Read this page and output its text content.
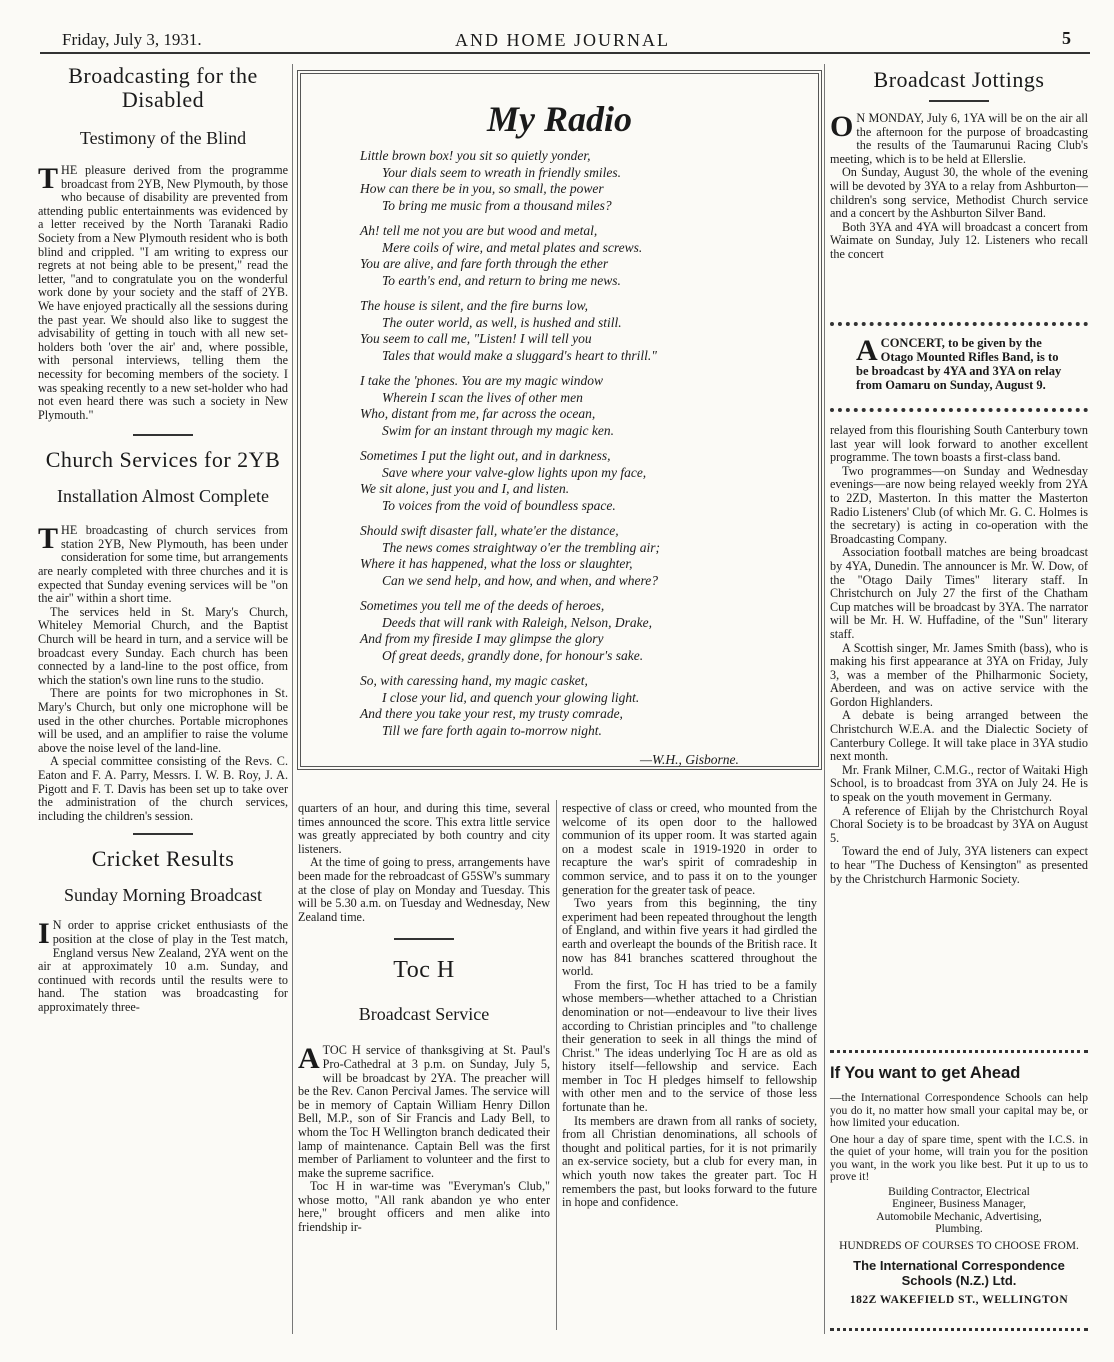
Friday, July 3, 1931.	AND HOME JOURNAL	5
Broadcasting for the Disabled
Testimony of the Blind

THE pleasure derived from the programme broadcast from 2YB, New Plymouth, by those who because of disability are prevented from attending public entertainments was evidenced by a letter received by the North Taranaki Radio Society from a New Plymouth resident who is both blind and crippled. "I am writing to express our regrets at not being able to be present," read the letter, "and to congratulate you on the wonderful work done by your society and the staff of 2YB. We have enjoyed practically all the sessions during the past year. We should also like to suggest the advisability of getting in touch with all new set-holders both 'over the air' and, where possible, with personal interviews, telling them the necessity for becoming members of the society. I was speaking recently to a new set-holder who had not even heard there was such a society in New Plymouth."

Church Services for 2YB
Installation Almost Complete

THE broadcasting of church services from station 2YB, New Plymouth, has been under consideration for some time, but arrangements are nearly completed with three churches and it is expected that Sunday evening services will be "on the air" within a short time.

The services held in St. Mary's Church, Whiteley Memorial Church, and the Baptist Church will be heard in turn, and a service will be broadcast every Sunday. Each church has been connected by a land-line to the post office, from which the station's own line runs to the studio.

There are points for two microphones in St. Mary's Church, but only one microphone will be used in the other churches. Portable microphones will be used, and an amplifier to raise the volume above the noise level of the land-line.

A special committee consisting of the Revs. C. Eaton and F. A. Parry, Messrs. I. W. B. Roy, J. A. Pigott and F. T. Davis has been set up to take over the administration of the church services, including the children's session.

Cricket Results
Sunday Morning Broadcast

I N order to apprise cricket enthusiasts of the position at the close of play in the Test match, England versus New Zealand, 2YA went on the air at approximately 10 a.m. Sunday, and continued with records until the results were to hand. The station was broadcasting for approximately three-

My Radio
Little brown box! you sit so quietly yonder,
Your dials seem to wreath in friendly smiles.
How can there be in you, so small, the power
To bring me music from a thousand miles?
Ah! tell me not you are but wood and metal,
Mere coils of wire, and metal plates and screws.
You are alive, and fare forth through the ether
To earth's end, and return to bring me news.
The house is silent, and the fire burns low,
The outer world, as well, is hushed and still.
You seem to call me, "Listen! I will tell you
Tales that would make a sluggard's heart to thrill."
I take the 'phones. You are my magic window
Wherein I scan the lives of other men
Who, distant from me, far across the ocean,
Swim for an instant through my magic ken.
Sometimes I put the light out, and in darkness,
Save where your valve-glow lights upon my face,
We sit alone, just you and I, and listen.
To voices from the void of boundless space.
Should swift disaster fall, whate'er the distance,
The news comes straightway o'er the trembling air;
Where it has happened, what the loss or slaughter,
Can we send help, and how, and when, and where?
Sometimes you tell me of the deeds of heroes,
Deeds that will rank with Raleigh, Nelson, Drake,
And from my fireside I may glimpse the glory
Of great deeds, grandly done, for honour's sake.
So, with caressing hand, my magic casket,
I close your lid, and quench your glowing light.
And there you take your rest, my trusty comrade,
Till we fare forth again to-morrow night.
—W.H., Gisborne.

quarters of an hour, and during this time, several times announced the score. This extra little service was greatly appreciated by both country and city listeners.

At the time of going to press, arrangements have been made for the rebroadcast of G5SW's summary at the close of play on Monday and Tuesday. This will be 5.30 a.m. on Tuesday and Wednesday, New Zealand time.

Toc H
Broadcast Service

ATOC H service of thanksgiving at St. Paul's Pro-Cathedral at 3 p.m. on Sunday, July 5, will be broadcast by 2YA. The preacher will be the Rev. Canon Percival James. The service will be in memory of Captain William Henry Dillon Bell, M.P., son of Sir Francis and Lady Bell, to whom the Toc H Wellington branch dedicated their lamp of maintenance. Captain Bell was the first member of Parliament to volunteer and the first to make the supreme sacrifice.

Toc H in war-time was "Everyman's Club," whose motto, "All rank abandon ye who enter here," brought officers and men alike into friendship ir-

respective of class or creed, who mounted from the welcome of its open door to the hallowed communion of its upper room. It was started again on a modest scale in 1919-1920 in order to recapture the war's spirit of comradeship in common service, and to pass it on to the younger generation for the greater task of peace.

Two years from this beginning, the tiny experiment had been repeated throughout the length of England, and within five years it had girdled the earth and overleapt the bounds of the British race. It now has 841 branches scattered throughout the world.

From the first, Toc H has tried to be a family whose members—whether attached to a Christian denomination or not—endeavour to live their lives according to Christian principles and "to challenge their generation to seek in all things the mind of Christ." The ideas underlying Toc H are as old as history itself—fellowship and service. Each member in Toc H pledges himself to fellowship with other men and to the service of those less fortunate than he.

Its members are drawn from all ranks of society, from all Christian denominations, all schools of thought and political parties, for it is not primarily an ex-service society, but a club for every man, in which youth now takes the greater part. Toc H remembers the past, but looks forward to the future in hope and confidence.

Broadcast Jottings

O N MONDAY, July 6, 1YA will be on the air all the afternoon for the purpose of broadcasting the results of the Taumarunui Racing Club's meeting, which is to be held at Ellerslie.

On Sunday, August 30, the whole of the evening will be devoted by 3YA to a relay from Ashburton—children's song service, Methodist Church service and a concert by the Ashburton Silver Band.

Both 3YA and 4YA will broadcast a concert from Waimate on Sunday, July 12. Listeners who recall the concert

ACONCERT, to be given by the Otago Mounted Rifles Band, is to be broadcast by 4YA and 3YA on relay from Oamaru on Sunday, August 9.

relayed from this flourishing South Canterbury town last year will look forward to another excellent programme. The town boasts a first-class band.

Two programmes—on Sunday and Wednesday evenings—are now being relayed weekly from 2YA to 2ZD, Masterton. In this matter the Masterton Radio Listeners' Club (of which Mr. G. C. Holmes is the secretary) is acting in co-operation with the Broadcasting Company.

Association football matches are being broadcast by 4YA, Dunedin. The announcer is Mr. W. Dow, of the "Otago Daily Times" literary staff. In Christchurch on July 27 the first of the Chatham Cup matches will be broadcast by 3YA. The narrator will be Mr. H. W. Huffadine, of the "Sun" literary staff.

A Scottish singer, Mr. James Smith (bass), who is making his first appearance at 3YA on Friday, July 3, was a member of the Philharmonic Society, Aberdeen, and was on active service with the Gordon Highlanders.

A debate is being arranged between the Christchurch W.E.A. and the Dialectic Society of Canterbury College. It will take place in 3YA studio next month.

Mr. Frank Milner, C.M.G., rector of Waitaki High School, is to broadcast from 3YA on July 24. He is to speak on the youth movement in Germany.

A reference of Elijah by the Christchurch Royal Choral Society is to be broadcast by 3YA on August 5.

Toward the end of July, 3YA listeners can expect to hear "The Duchess of Kensington" as presented by the Christchurch Harmonic Society.

If You want to get Ahead

—the International Correspondence Schools can help you do it, no matter how small your capital may be, or how limited your education.

One hour a day of spare time, spent with the I.C.S. in the quiet of your home, will train you for the position you want, in the work you like best. Put it up to us to prove it!

Building Contractor, Electrical
Engineer, Business Manager,
Automobile Mechanic, Advertising,
Plumbing.
HUNDREDS OF COURSES TO CHOOSE FROM.
The International Correspondence
Schools (N.Z.) Ltd.
182Z WAKEFIELD ST., WELLINGTON
